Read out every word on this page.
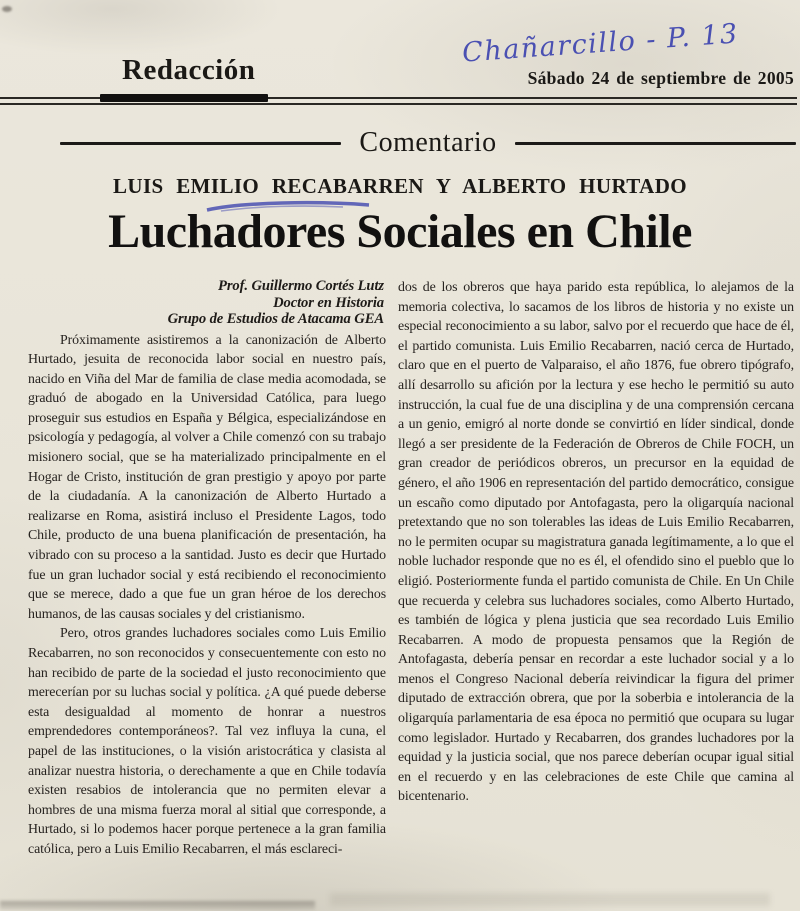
Chañarcillo - P. 13
Redacción	Sábado 24 de septiembre de 2005
Comentario
LUIS EMILIO RECABARREN Y ALBERTO HURTADO
Luchadores Sociales en Chile
Prof. Guillermo Cortés Lutz
Doctor en Historia
Grupo de Estudios de Atacama GEA

Próximamente asistiremos a la canonización de Alberto Hurtado, jesuita de reconocida labor social en nuestro país, nacido en Viña del Mar de familia de clase media acomodada, se graduó de abogado en la Universidad Católica, para luego proseguir sus estudios en España y Bélgica, especializándose en psicología y pedagogía, al volver a Chile comenzó con su trabajo misionero social, que se ha materializado principalmente en el Hogar de Cristo, institución de gran prestigio y apoyo por parte de la ciudadanía. A la canonización de Alberto Hurtado a realizarse en Roma, asistirá incluso el Presidente Lagos, todo Chile, producto de una buena planificación de presentación, ha vibrado con su proceso a la santidad. Justo es decir que Hurtado fue un gran luchador social y está recibiendo el reconocimiento que se merece, dado a que fue un gran héroe de los derechos humanos, de las causas sociales y del cristianismo.

Pero, otros grandes luchadores sociales como Luis Emilio Recabarren, no son reconocidos y consecuentemente con esto no han recibido de parte de la sociedad el justo reconocimiento que merecerían por su luchas social y política. ¿A qué puede deberse esta desigualdad al momento de honrar a nuestros emprendedores contemporáneos?. Tal vez influya la cuna, el papel de las instituciones, o la visión aristocrática y clasista al analizar nuestra historia, o derechamente a que en Chile todavía existen resabios de intolerancia que no permiten elevar a hombres de una misma fuerza moral al sitial que corresponde, a Hurtado, si lo podemos hacer porque pertenece a la gran familia católica, pero a Luis Emilio Recabarren, el más esclareci-

dos de los obreros que haya parido esta república, lo alejamos de la memoria colectiva, lo sacamos de los libros de historia y no existe un especial reconocimiento a su labor, salvo por el recuerdo que hace de él, el partido comunista. Luis Emilio Recabarren, nació cerca de Hurtado, claro que en el puerto de Valparaiso, el año 1876, fue obrero tipógrafo, allí desarrollo su afición por la lectura y ese hecho le permitió su auto instrucción, la cual fue de una disciplina y de una comprensión cercana a un genio, emigró al norte donde se convirtió en líder sindical, donde llegó a ser presidente de la Federación de Obreros de Chile FOCH, un gran creador de periódicos obreros, un precursor en la equidad de género, el año 1906 en representación del partido democrático, consigue un escaño como diputado por Antofagasta, pero la oligarquía nacional pretextando que no son tolerables las ideas de Luis Emilio Recabarren, no le permiten ocupar su magistratura ganada legítimamente, a lo que el noble luchador responde que no es él, el ofendido sino el pueblo que lo eligió. Posteriormente funda el partido comunista de Chile. En Un Chile que recuerda y celebra sus luchadores sociales, como Alberto Hurtado, es también de lógica y plena justicia que sea recordado Luis Emilio Recabarren. A modo de propuesta pensamos que la Región de Antofagasta, debería pensar en recordar a este luchador social y a lo menos el Congreso Nacional debería reivindicar la figura del primer diputado de extracción obrera, que por la soberbia e intolerancia de la oligarquía parlamentaria de esa época no permitió que ocupara su lugar como legislador. Hurtado y Recabarren, dos grandes luchadores por la equidad y la justicia social, que nos parece deberían ocupar igual sitial en el recuerdo y en las celebraciones de este Chile que camina al bicentenario.
